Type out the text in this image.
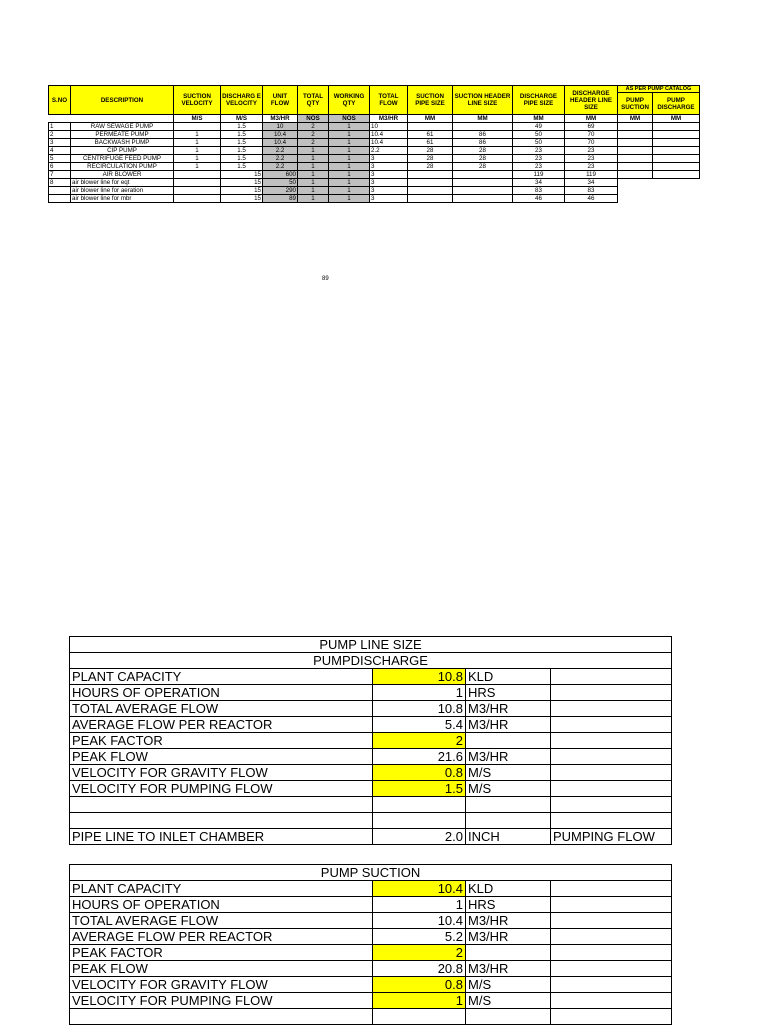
S.NO	DESCRIPTION	SUCTION VELOCITY	DISCHARG E VELOCITY	UNIT FLOW	TOTAL QTY	WORKING QTY	TOTAL FLOW	SUCTION PIPE SIZE	SUCTION HEADER LINE SIZE	DISCHARGE PIPE SIZE	DISCHARGE HEADER LINE SIZE	AS PER PUMP CATALOG	
												PUMP SUCTION	PUMP DISCHARGE
		M/S	M/S	M3/HR	NOS	NOS	M3/HR	MM	MM	MM	MM	MM	MM
1	RAW SEWAGE PUMP		1.5	10	2	1	10			49	69		
2	PERMEATE PUMP	1	1.5	10.4	2	1	10.4	61	86	50	70		
3	BACKWASH PUMP	1	1.5	10.4	2	1	10.4	61	86	50	70		
4	CIP PUMP	1	1.5	2.2	1	1	2.2	28	28	23	23		
5	CENTRIFUGE FEED PUMP	1	1.5	2.2	1	1	3	28	28	23	23		
6	RECIRCULATION PUMP	1	1.5	2.2	1	1	3	28	28	23	23		
7	AIR BLOWER		15	600	1	1	3			119	119		
8	air blower line for eqt		15	50	1	1	3			34	34		
	air blower line for aeration		15	290	1	1	3			83	83		
	air blower line for mbr		15	89	1	1	3			46	46		
89
PUMP LINE SIZE			
PUMPDISCHARGE			
PLANT CAPACITY	10.8	KLD	
HOURS OF OPERATION	1	HRS	
TOTAL AVERAGE FLOW	10.8	M3/HR	
AVERAGE FLOW PER REACTOR	5.4	M3/HR	
PEAK FACTOR	2		
PEAK FLOW	21.6	M3/HR	
VELOCITY FOR GRAVITY FLOW	0.8	M/S	
VELOCITY FOR PUMPING FLOW	1.5	M/S	

PIPE LINE TO INLET CHAMBER	2.0	INCH	PUMPING FLOW
PUMP SUCTION			
PLANT CAPACITY	10.4	KLD	
HOURS OF OPERATION	1	HRS	
TOTAL AVERAGE FLOW	10.4	M3/HR	
AVERAGE FLOW PER REACTOR	5.2	M3/HR	
PEAK FACTOR	2		
PEAK FLOW	20.8	M3/HR	
VELOCITY FOR GRAVITY FLOW	0.8	M/S	
VELOCITY FOR PUMPING FLOW	1	M/S	
